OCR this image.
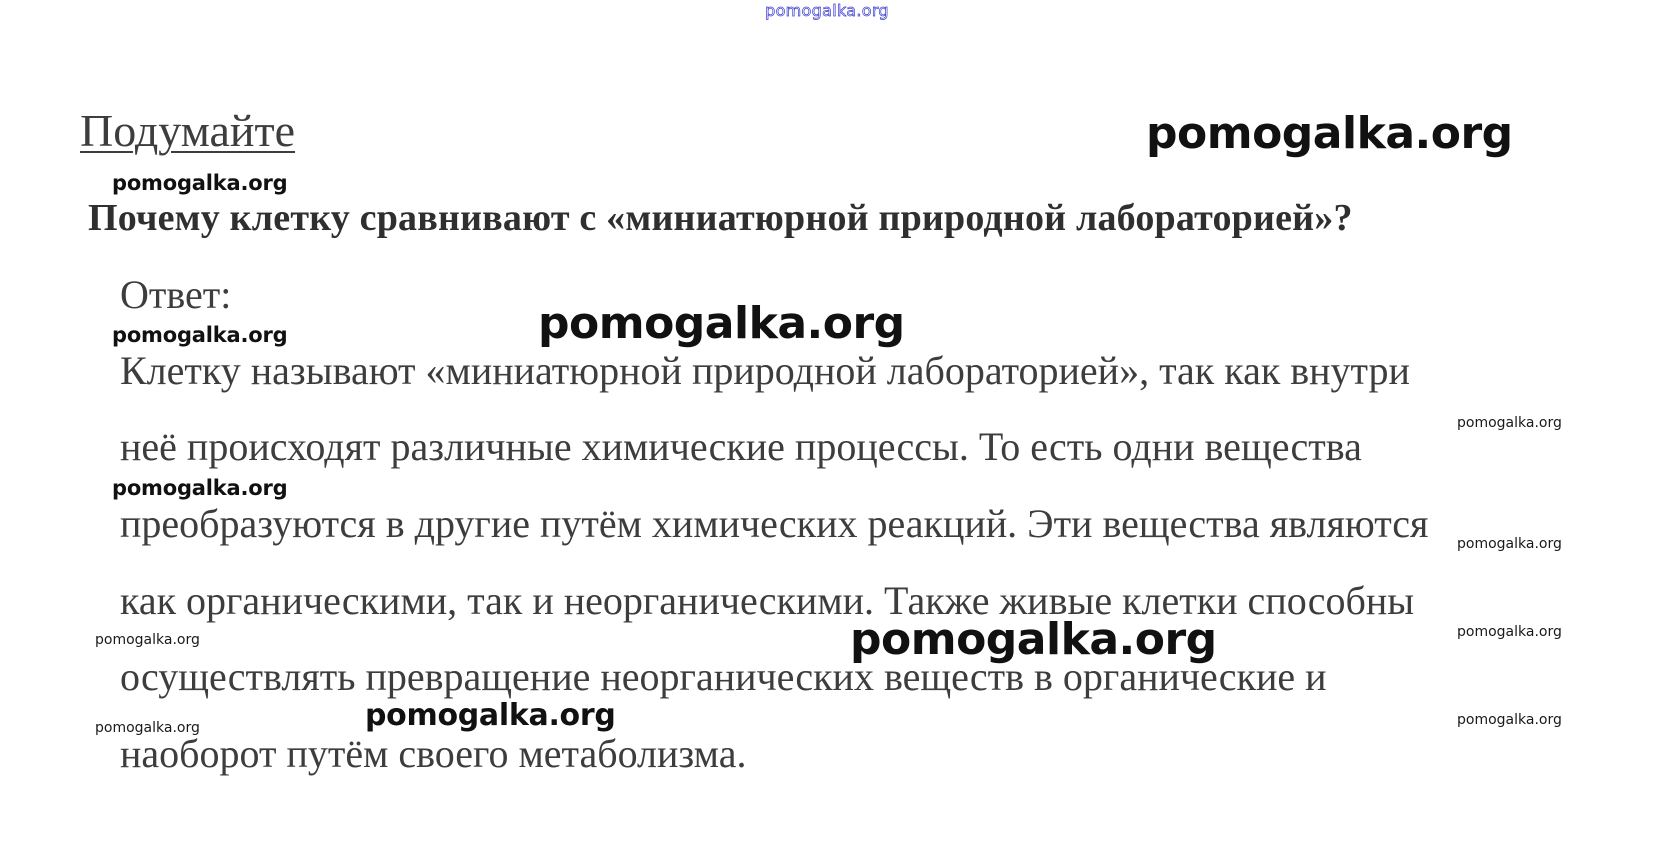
pomogalka.org
Подумайте
Почему клетку сравнивают с «миниатюрной природной лабораторией»?
Ответ:
Клетку называют «миниатюрной природной лабораторией», так как внутри
неё происходят различные химические процессы. То есть одни вещества
преобразуются в другие путём химических реакций. Эти вещества являются
как органическими, так и неорганическими. Также живые клетки способны
осуществлять превращение неорганических веществ в органические и
наоборот путём своего метаболизма.
pomogalka.org
pomogalka.org
pomogalka.org
pomogalka.org
pomogalka.org
pomogalka.org
pomogalka.org
pomogalka.org
pomogalka.org	pomogalka.org
pomogalka.org
pomogalka.org	pomogalka.org
